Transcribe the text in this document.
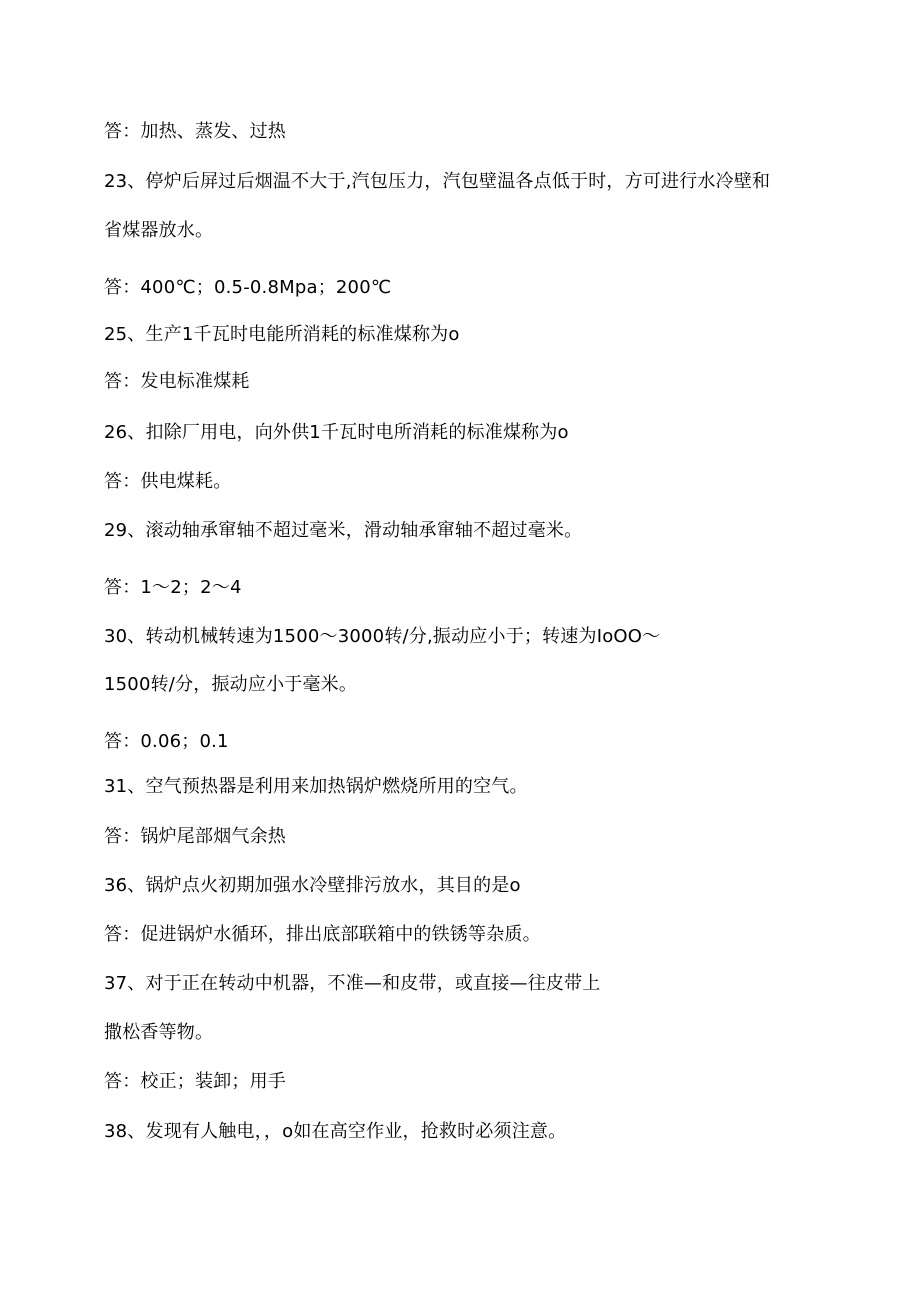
答：加热、蒸发、过热
23、停炉后屏过后烟温不大于,汽包压力，汽包壁温各点低于时，方可进行水冷壁和
省煤器放水。
答：400℃；0.5-0.8Mpa；200℃
25、生产1千瓦时电能所消耗的标准煤称为o
答：发电标准煤耗
26、扣除厂用电，向外供1千瓦时电所消耗的标准煤称为o
答：供电煤耗。
29、滚动轴承窜轴不超过毫米，滑动轴承窜轴不超过毫米。
答：1〜2；2〜4
30、转动机械转速为1500〜3000转/分,振动应小于；转速为IoOO〜
1500转/分，振动应小于毫米。
答：0.06；0.1
31、空气预热器是利用来加热锅炉燃烧所用的空气。
答：锅炉尾部烟气余热
36、锅炉点火初期加强水冷壁排污放水，其目的是o
答：促进锅炉水循环，排出底部联箱中的铁锈等杂质。
37、对于正在转动中机器，不准—和皮带，或直接—往皮带上
撒松香等物。
答：校正；装卸；用手
38、发现有人触电，，o如在高空作业，抢救时必须注意。
